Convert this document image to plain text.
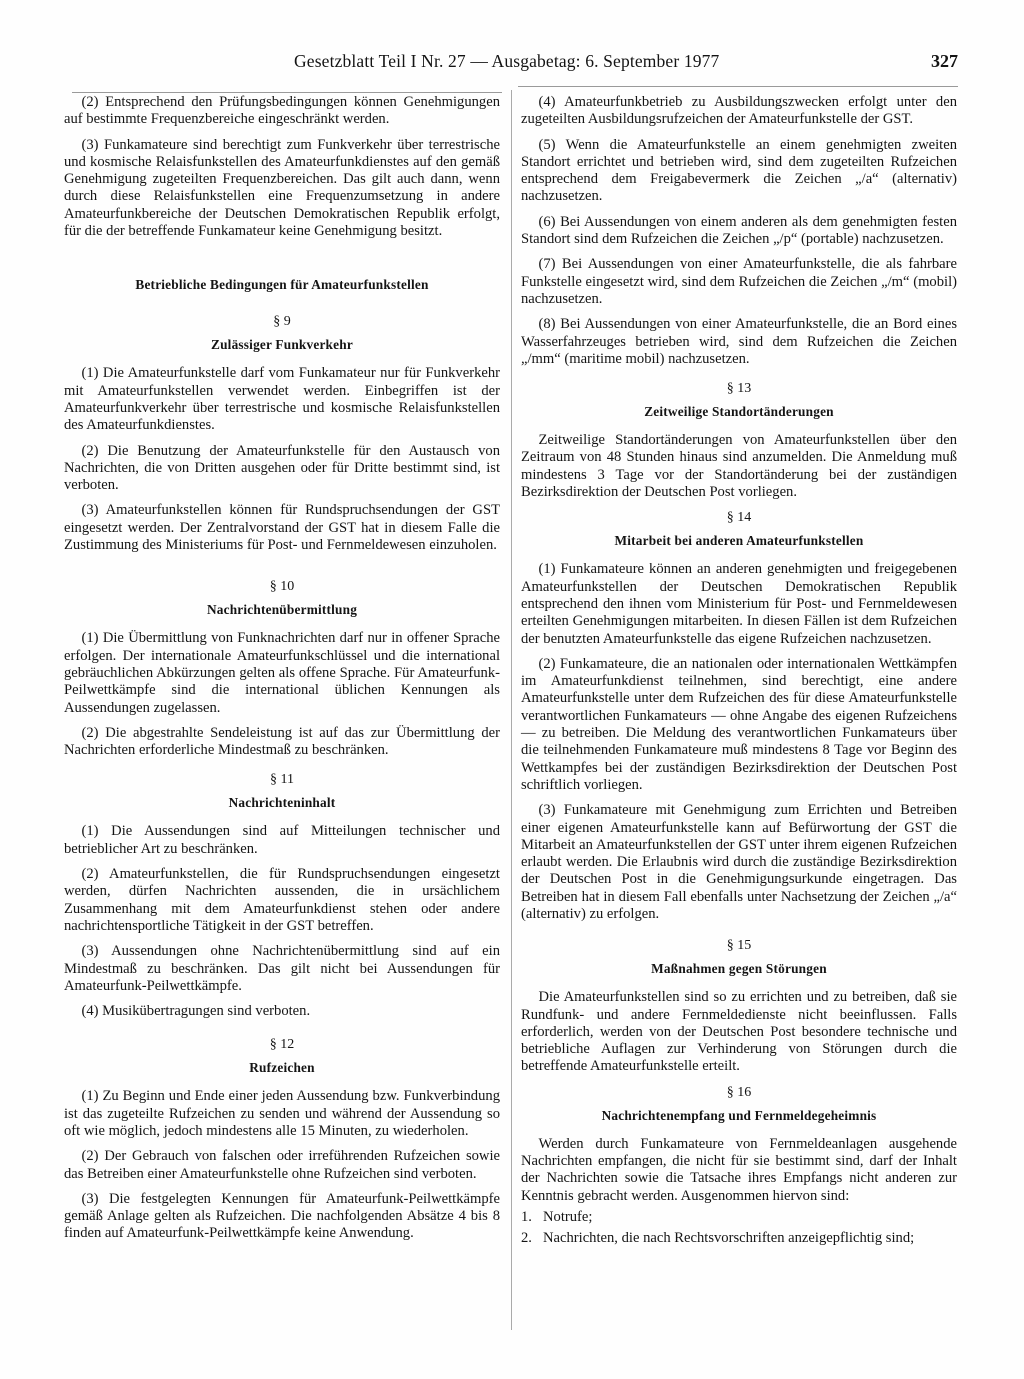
Gesetzblatt Teil I Nr. 27 — Ausgabetag: 6. September 1977	327

(2) Entsprechend den Prüfungsbedingungen können Genehmigungen auf bestimmte Frequenzbereiche eingeschränkt werden.

(3) Funkamateure sind berechtigt zum Funkverkehr über terrestrische und kosmische Relaisfunkstellen des Amateurfunkdienstes auf den gemäß Genehmigung zugeteilten Frequenzbereichen. Das gilt auch dann, wenn durch diese Relaisfunkstellen eine Frequenzumsetzung in andere Amateurfunkbereiche der Deutschen Demokratischen Republik erfolgt, für die der betreffende Funkamateur keine Genehmigung besitzt.

Betriebliche Bedingungen für Amateurfunkstellen
§ 9
Zulässiger Funkverkehr

(1) Die Amateurfunkstelle darf vom Funkamateur nur für Funkverkehr mit Amateurfunkstellen verwendet werden. Einbegriffen ist der Amateurfunkverkehr über terrestrische und kosmische Relaisfunkstellen des Amateurfunkdienstes.

(2) Die Benutzung der Amateurfunkstelle für den Austausch von Nachrichten, die von Dritten ausgehen oder für Dritte bestimmt sind, ist verboten.

(3) Amateurfunkstellen können für Rundspruchsendungen der GST eingesetzt werden. Der Zentralvorstand der GST hat in diesem Falle die Zustimmung des Ministeriums für Post- und Fernmeldewesen einzuholen.

§ 10
Nachrichtenübermittlung

(1) Die Übermittlung von Funknachrichten darf nur in offener Sprache erfolgen. Der internationale Amateurfunkschlüssel und die international gebräuchlichen Abkürzungen gelten als offene Sprache. Für Amateurfunk-Peilwettkämpfe sind die international üblichen Kennungen als Aussendungen zugelassen.

(2) Die abgestrahlte Sendeleistung ist auf das zur Übermittlung der Nachrichten erforderliche Mindestmaß zu beschränken.

§ 11
Nachrichteninhalt

(1) Die Aussendungen sind auf Mitteilungen technischer und betrieblicher Art zu beschränken.

(2) Amateurfunkstellen, die für Rundspruchsendungen eingesetzt werden, dürfen Nachrichten aussenden, die in ursächlichem Zusammenhang mit dem Amateurfunkdienst stehen oder andere nachrichtensportliche Tätigkeit in der GST betreffen.

(3) Aussendungen ohne Nachrichtenübermittlung sind auf ein Mindestmaß zu beschränken. Das gilt nicht bei Aussendungen für Amateurfunk-Peilwettkämpfe.

(4) Musikübertragungen sind verboten.

§ 12
Rufzeichen

(1) Zu Beginn und Ende einer jeden Aussendung bzw. Funkverbindung ist das zugeteilte Rufzeichen zu senden und während der Aussendung so oft wie möglich, jedoch mindestens alle 15 Minuten, zu wiederholen.

(2) Der Gebrauch von falschen oder irreführenden Rufzeichen sowie das Betreiben einer Amateurfunkstelle ohne Rufzeichen sind verboten.

(3) Die festgelegten Kennungen für Amateurfunk-Peilwettkämpfe gemäß Anlage gelten als Rufzeichen. Die nachfolgenden Absätze 4 bis 8 finden auf Amateurfunk-Peilwettkämpfe keine Anwendung.

(4) Amateurfunkbetrieb zu Ausbildungszwecken erfolgt unter den zugeteilten Ausbildungsrufzeichen der Amateurfunkstelle der GST.

(5) Wenn die Amateurfunkstelle an einem genehmigten zweiten Standort errichtet und betrieben wird, sind dem zugeteilten Rufzeichen entsprechend dem Freigabevermerk die Zeichen „/a“ (alternativ) nachzusetzen.

(6) Bei Aussendungen von einem anderen als dem genehmigten festen Standort sind dem Rufzeichen die Zeichen „/p“ (portable) nachzusetzen.

(7) Bei Aussendungen von einer Amateurfunkstelle, die als fahrbare Funkstelle eingesetzt wird, sind dem Rufzeichen die Zeichen „/m“ (mobil) nachzusetzen.

(8) Bei Aussendungen von einer Amateurfunkstelle, die an Bord eines Wasserfahrzeuges betrieben wird, sind dem Rufzeichen die Zeichen „/mm“ (maritime mobil) nachzusetzen.

§ 13
Zeitweilige Standortänderungen

Zeitweilige Standortänderungen von Amateurfunkstellen über den Zeitraum von 48 Stunden hinaus sind anzumelden. Die Anmeldung muß mindestens 3 Tage vor der Standortänderung bei der zuständigen Bezirksdirektion der Deutschen Post vorliegen.

§ 14
Mitarbeit bei anderen Amateurfunkstellen

(1) Funkamateure können an anderen genehmigten und freigegebenen Amateurfunkstellen der Deutschen Demokratischen Republik entsprechend den ihnen vom Ministerium für Post- und Fernmeldewesen erteilten Genehmigungen mitarbeiten. In diesen Fällen ist dem Rufzeichen der benutzten Amateurfunkstelle das eigene Rufzeichen nachzusetzen.

(2) Funkamateure, die an nationalen oder internationalen Wettkämpfen im Amateurfunkdienst teilnehmen, sind berechtigt, eine andere Amateurfunkstelle unter dem Rufzeichen des für diese Amateurfunkstelle verantwortlichen Funkamateurs — ohne Angabe des eigenen Rufzeichens — zu betreiben. Die Meldung des verantwortlichen Funkamateurs über die teilnehmenden Funkamateure muß mindestens 8 Tage vor Beginn des Wettkampfes bei der zuständigen Bezirksdirektion der Deutschen Post schriftlich vorliegen.

(3) Funkamateure mit Genehmigung zum Errichten und Betreiben einer eigenen Amateurfunkstelle kann auf Befürwortung der GST die Mitarbeit an Amateurfunkstellen der GST unter ihrem eigenen Rufzeichen erlaubt werden. Die Erlaubnis wird durch die zuständige Bezirksdirektion der Deutschen Post in die Genehmigungsurkunde eingetragen. Das Betreiben hat in diesem Fall ebenfalls unter Nachsetzung der Zeichen „/a“ (alternativ) zu erfolgen.

§ 15
Maßnahmen gegen Störungen

Die Amateurfunkstellen sind so zu errichten und zu betreiben, daß sie Rundfunk- und andere Fernmeldedienste nicht beeinflussen. Falls erforderlich, werden von der Deutschen Post besondere technische und betriebliche Auflagen zur Verhinderung von Störungen durch die betreffende Amateurfunkstelle erteilt.

§ 16
Nachrichtenempfang und Fernmeldegeheimnis

Werden durch Funkamateure von Fernmeldeanlagen ausgehende Nachrichten empfangen, die nicht für sie bestimmt sind, darf der Inhalt der Nachrichten sowie die Tatsache ihres Empfangs nicht anderen zur Kenntnis gebracht werden. Ausgenommen hiervon sind:

1. Notrufe;
2. Nachrichten, die nach Rechtsvorschriften anzeigepflichtig sind;
